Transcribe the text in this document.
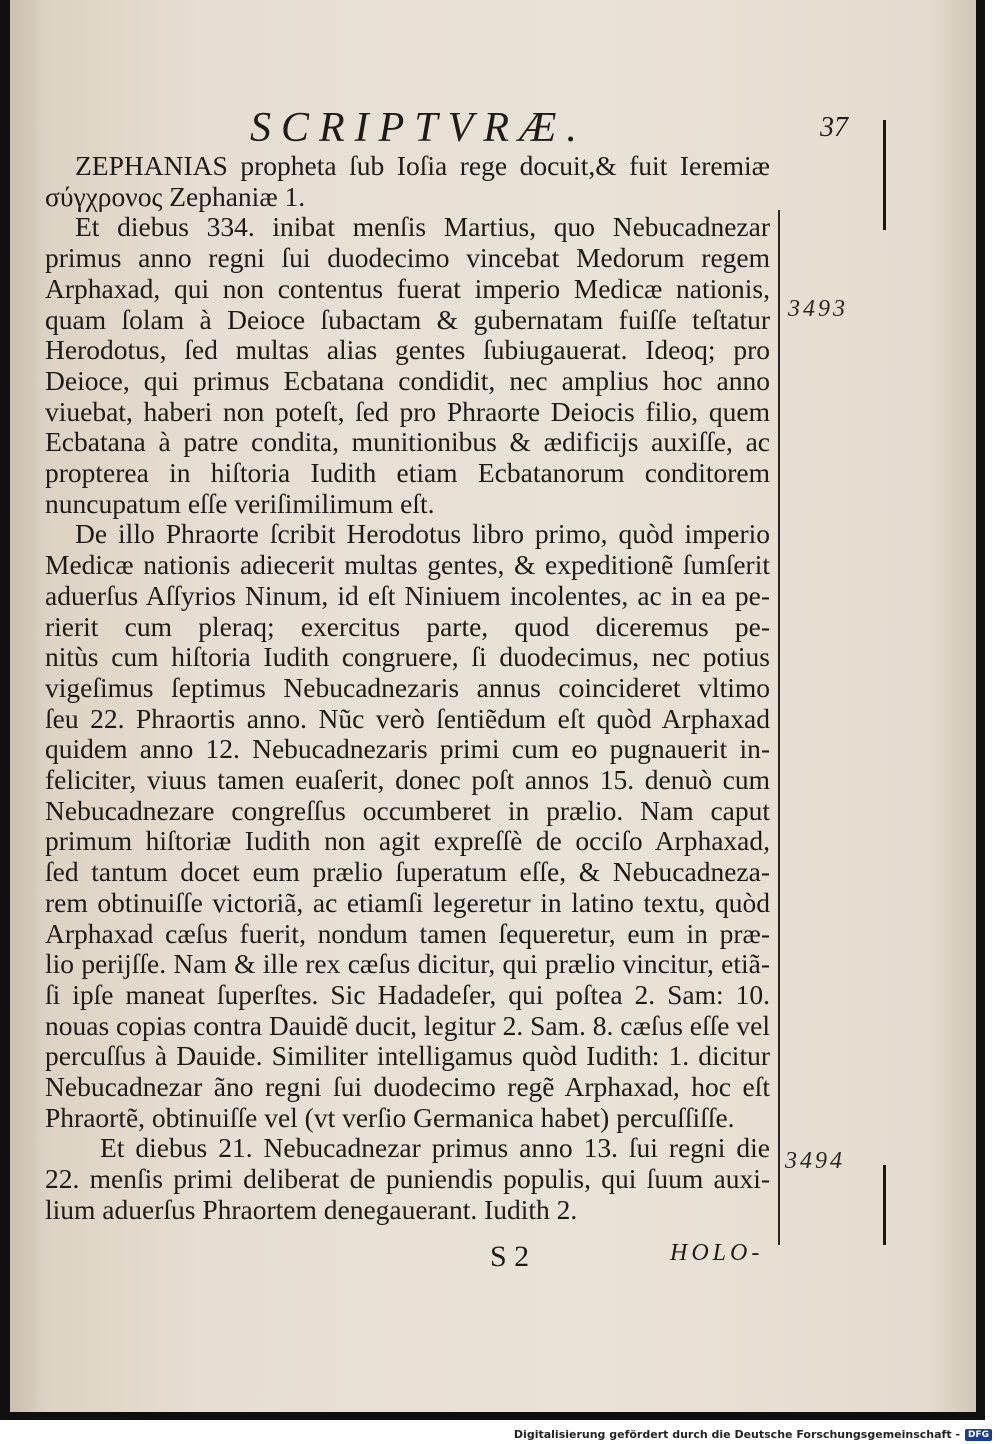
SCRIPTVRÆ.	37
3493
3494
ZEPHANIAS propheta ſub Ioſia rege docuit,& fuit Ieremiæ
σύγχρονος Zephaniæ 1.
Et diebus 334. inibat menſis Martius, quo Nebucadnezar
primus anno regni ſui duodecimo vincebat Medorum regem
Arphaxad, qui non contentus fuerat imperio Medicæ nationis,
quam ſolam à Deioce ſubactam & gubernatam fuiſſe teſtatur
Herodotus, ſed multas alias gentes ſubiugauerat. Ideoq; pro
Deioce, qui primus Ecbatana condidit, nec amplius hoc anno
viuebat, haberi non poteſt, ſed pro Phraorte Deiocis filio, quem
Ecbatana à patre condita, munitionibus & ædificijs auxiſſe, ac
propterea in hiſtoria Iudith etiam Ecbatanorum conditorem
nuncupatum eſſe veriſimilimum eſt.
De illo Phraorte ſcribit Herodotus libro primo, quòd imperio
Medicæ nationis adiecerit multas gentes, & expeditionẽ ſumſerit
aduerſus Aſſyrios Ninum, id eſt Niniuem incolentes, ac in ea pe-
rierit cum pleraq; exercitus parte, quod diceremus pe-
nitùs cum hiſtoria Iudith congruere, ſi duodecimus, nec potius
vigeſimus ſeptimus Nebucadnezaris annus coincideret vltimo
ſeu 22. Phraortis anno. Nũc verò ſentiẽdum eſt quòd Arphaxad
quidem anno 12. Nebucadnezaris primi cum eo pugnauerit in-
feliciter, viuus tamen euaſerit, donec poſt annos 15. denuò cum
Nebucadnezare congreſſus occumberet in prælio. Nam caput
primum hiſtoriæ Iudith non agit expreſſè de occiſo Arphaxad,
ſed tantum docet eum prælio ſuperatum eſſe, & Nebucadneza-
rem obtinuiſſe victoriã, ac etiamſi legeretur in latino textu, quòd
Arphaxad cæſus fuerit, nondum tamen ſequeretur, eum in præ-
lio perijſſe. Nam & ille rex cæſus dicitur, qui prælio vincitur, etiã-
ſi ipſe maneat ſuperſtes. Sic Hadadeſer, qui poſtea 2. Sam: 10.
nouas copias contra Dauidẽ ducit, legitur 2. Sam. 8. cæſus eſſe vel
percuſſus à Dauide. Similiter intelligamus quòd Iudith: 1. dicitur
Nebucadnezar ãno regni ſui duodecimo regẽ Arphaxad, hoc eſt
Phraortẽ, obtinuiſſe vel (vt verſio Germanica habet) percuſſiſſe.
Et diebus 21. Nebucadnezar primus anno 13. ſui regni die
22. menſis primi deliberat de puniendis populis, qui ſuum auxi-
lium aduerſus Phraortem denegauerant. Iudith 2.
S 2	HOLO-
Digitalisierung gefördert durch die Deutsche Forschungsgemeinschaft - DFG
